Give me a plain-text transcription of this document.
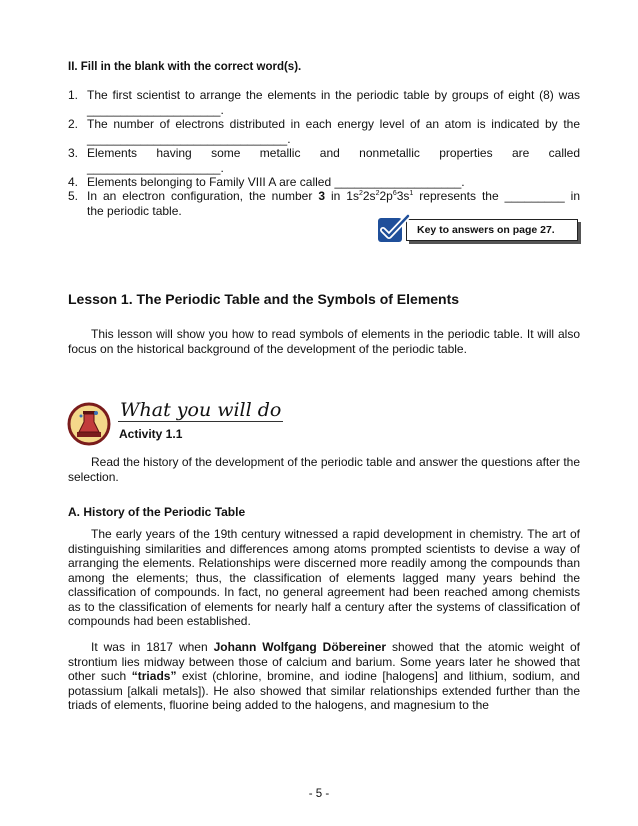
II. Fill in the blank with the correct word(s).
1. The first scientist to arrange the elements in the periodic table by groups of eight (8) was
____________________.
2. The number of electrons distributed in each energy level of an atom is indicated by the
______________________________.
3. Elements having some metallic and nonmetallic properties are called
____________________.
4. Elements belonging to Family VIII A are called ___________________.
5. In an electron configuration, the number 3 in $1s^22s^22p^63s^1$ represents the _________ in
the periodic table.
Key to answers on page 27.
Lesson 1. The Periodic Table and the Symbols of Elements
This lesson will show you how to read symbols of elements in the periodic table. It will also focus on the historical background of the development of the periodic table.
What you will do
Activity 1.1
Read the history of the development of the periodic table and answer the questions after the selection.
A. History of the Periodic Table
The early years of the 19th century witnessed a rapid development in chemistry. The art of distinguishing similarities and differences among atoms prompted scientists to devise a way of arranging the elements. Relationships were discerned more readily among the compounds than among the elements; thus, the classification of elements lagged many years behind the classification of compounds. In fact, no general agreement had been reached among chemists as to the classification of elements for nearly half a century after the systems of classification of compounds had been established.
It was in 1817 when Johann Wolfgang Döbereiner showed that the atomic weight of strontium lies midway between those of calcium and barium. Some years later he showed that other such “triads” exist (chlorine, bromine, and iodine [halogens] and lithium, sodium, and potassium [alkali metals]). He also showed that similar relationships extended further than the triads of elements, fluorine being added to the halogens, and magnesium to the
- 5 -
